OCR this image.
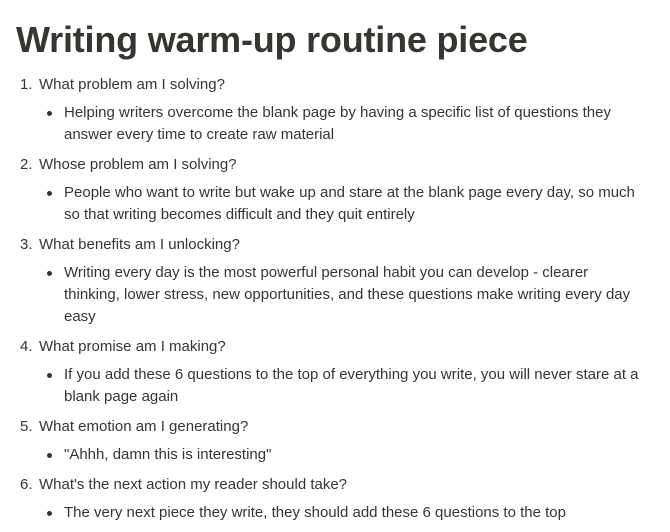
Writing warm-up routine piece
1. What problem am I solving?
Helping writers overcome the blank page by having a specific list of questions they answer every time to create raw material
2. Whose problem am I solving?
People who want to write but wake up and stare at the blank page every day, so much so that writing becomes difficult and they quit entirely
3. What benefits am I unlocking?
Writing every day is the most powerful personal habit you can develop - clearer thinking, lower stress, new opportunities, and these questions make writing every day easy
4. What promise am I making?
If you add these 6 questions to the top of everything you write, you will never stare at a blank page again
5. What emotion am I generating?
"Ahhh, damn this is interesting"
6. What's the next action my reader should take?
The very next piece they write, they should add these 6 questions to the top
